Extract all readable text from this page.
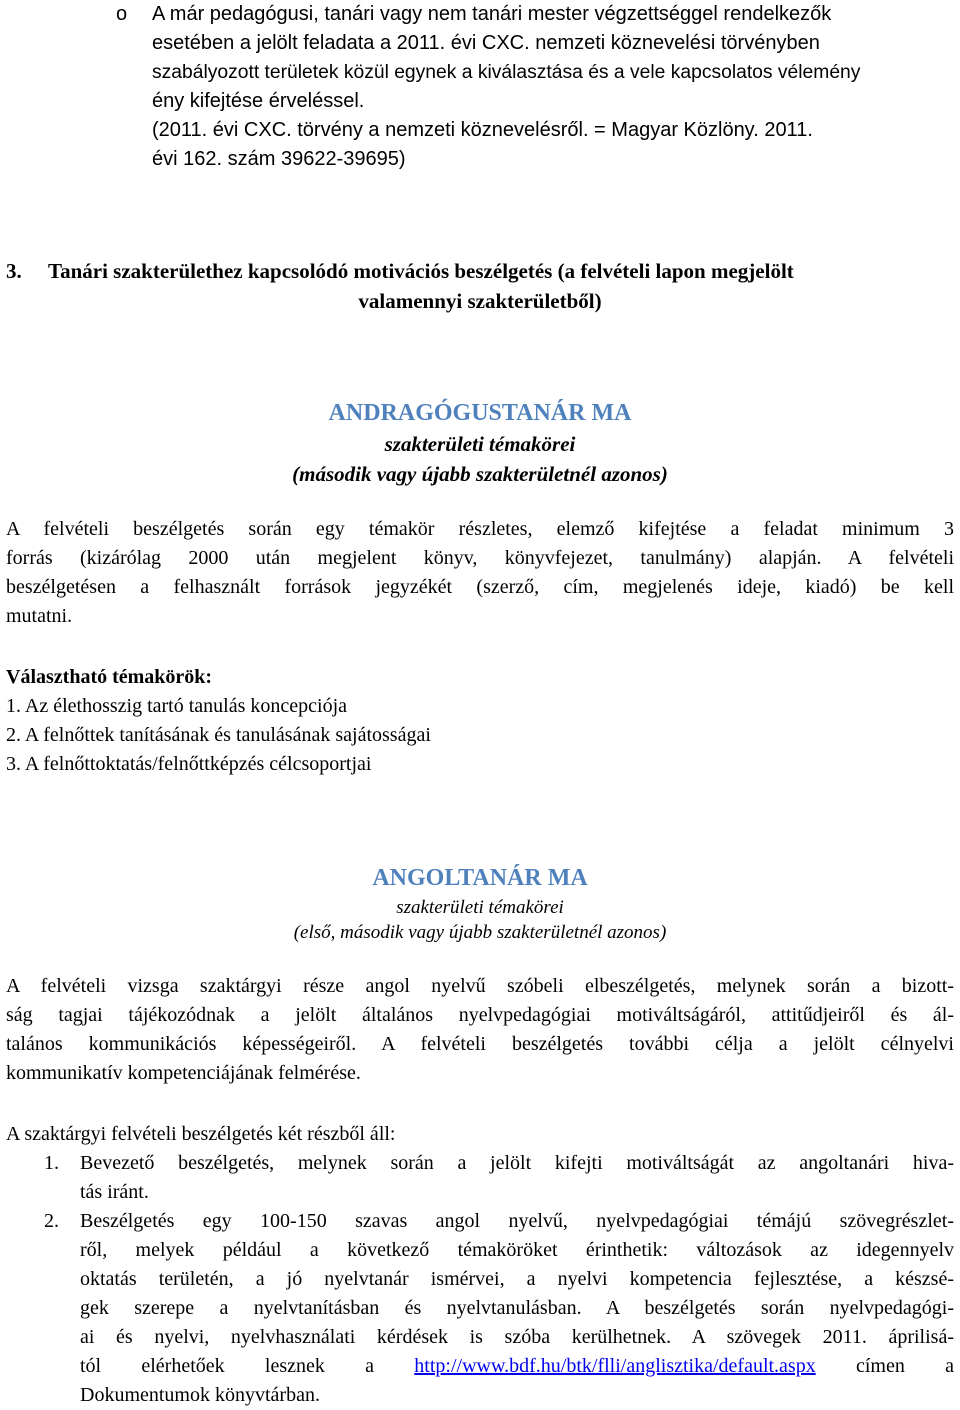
o A már pedagógusi, tanári vagy nem tanári mester végzettséggel rendelkezők
esetében a jelölt feladata a 2011. évi CXC. nemzeti köznevelési törvényben
szabályozott területek közül egynek a kiválasztása és a vele kapcsolatos vélemény
ény kifejtése érveléssel.
(2011. évi CXC. törvény a nemzeti köznevelésről. = Magyar Közlöny. 2011.
évi 162. szám 39622-39695)
3. Tanári szakterülethez kapcsolódó motivációs beszélgetés (a felvételi lapon megjelölt
valamennyi szakterületből)
ANDRAGÓGUSTANÁR MA
szakterületi témakörei
(második vagy újabb szakterületnél azonos)
A felvételi beszélgetés során egy témakör részletes, elemző kifejtése a feladat minimum 3
forrás (kizárólag 2000 után megjelent könyv, könyvfejezet, tanulmány) alapján. A felvételi
beszélgetésen a felhasznált források jegyzékét (szerző, cím, megjelenés ideje, kiadó) be kell
mutatni.
Választható témakörök:
1. Az élethosszig tartó tanulás koncepciója
2. A felnőttek tanításának és tanulásának sajátosságai
3. A felnőttoktatás/felnőttképzés célcsoportjai
ANGOLTANÁR MA
szakterületi témakörei
(első, második vagy újabb szakterületnél azonos)
A felvételi vizsga szaktárgyi része angol nyelvű szóbeli elbeszélgetés, melynek során a bizott-
ság tagjai tájékozódnak a jelölt általános nyelvpedagógiai motiváltságáról, attitűdjeiről és ál-
talános kommunikációs képességeiről. A felvételi beszélgetés további célja a jelölt célnyelvi
kommunikatív kompetenciájának felmérése.
A szaktárgyi felvételi beszélgetés két részből áll:
1. Bevezető beszélgetés, melynek során a jelölt kifejti motiváltságát az angoltanári hiva-
tás iránt.
2. Beszélgetés egy 100-150 szavas angol nyelvű, nyelvpedagógiai témájú szövegrészlet-
ről, melyek például a következő témaköröket érinthetik: változások az idegennyelv
oktatás területén, a jó nyelvtanár ismérvei, a nyelvi kompetencia fejlesztése, a készsé-
gek szerepe a nyelvtanításban és nyelvtanulásban. A beszélgetés során nyelvpedagógi-
ai és nyelvi, nyelvhasználati kérdések is szóba kerülhetnek. A szövegek 2011. áprilisá-
tól elérhetőek lesznek a http://www.bdf.hu/btk/flli/anglisztika/default.aspx címen a
Dokumentumok könyvtárban.
